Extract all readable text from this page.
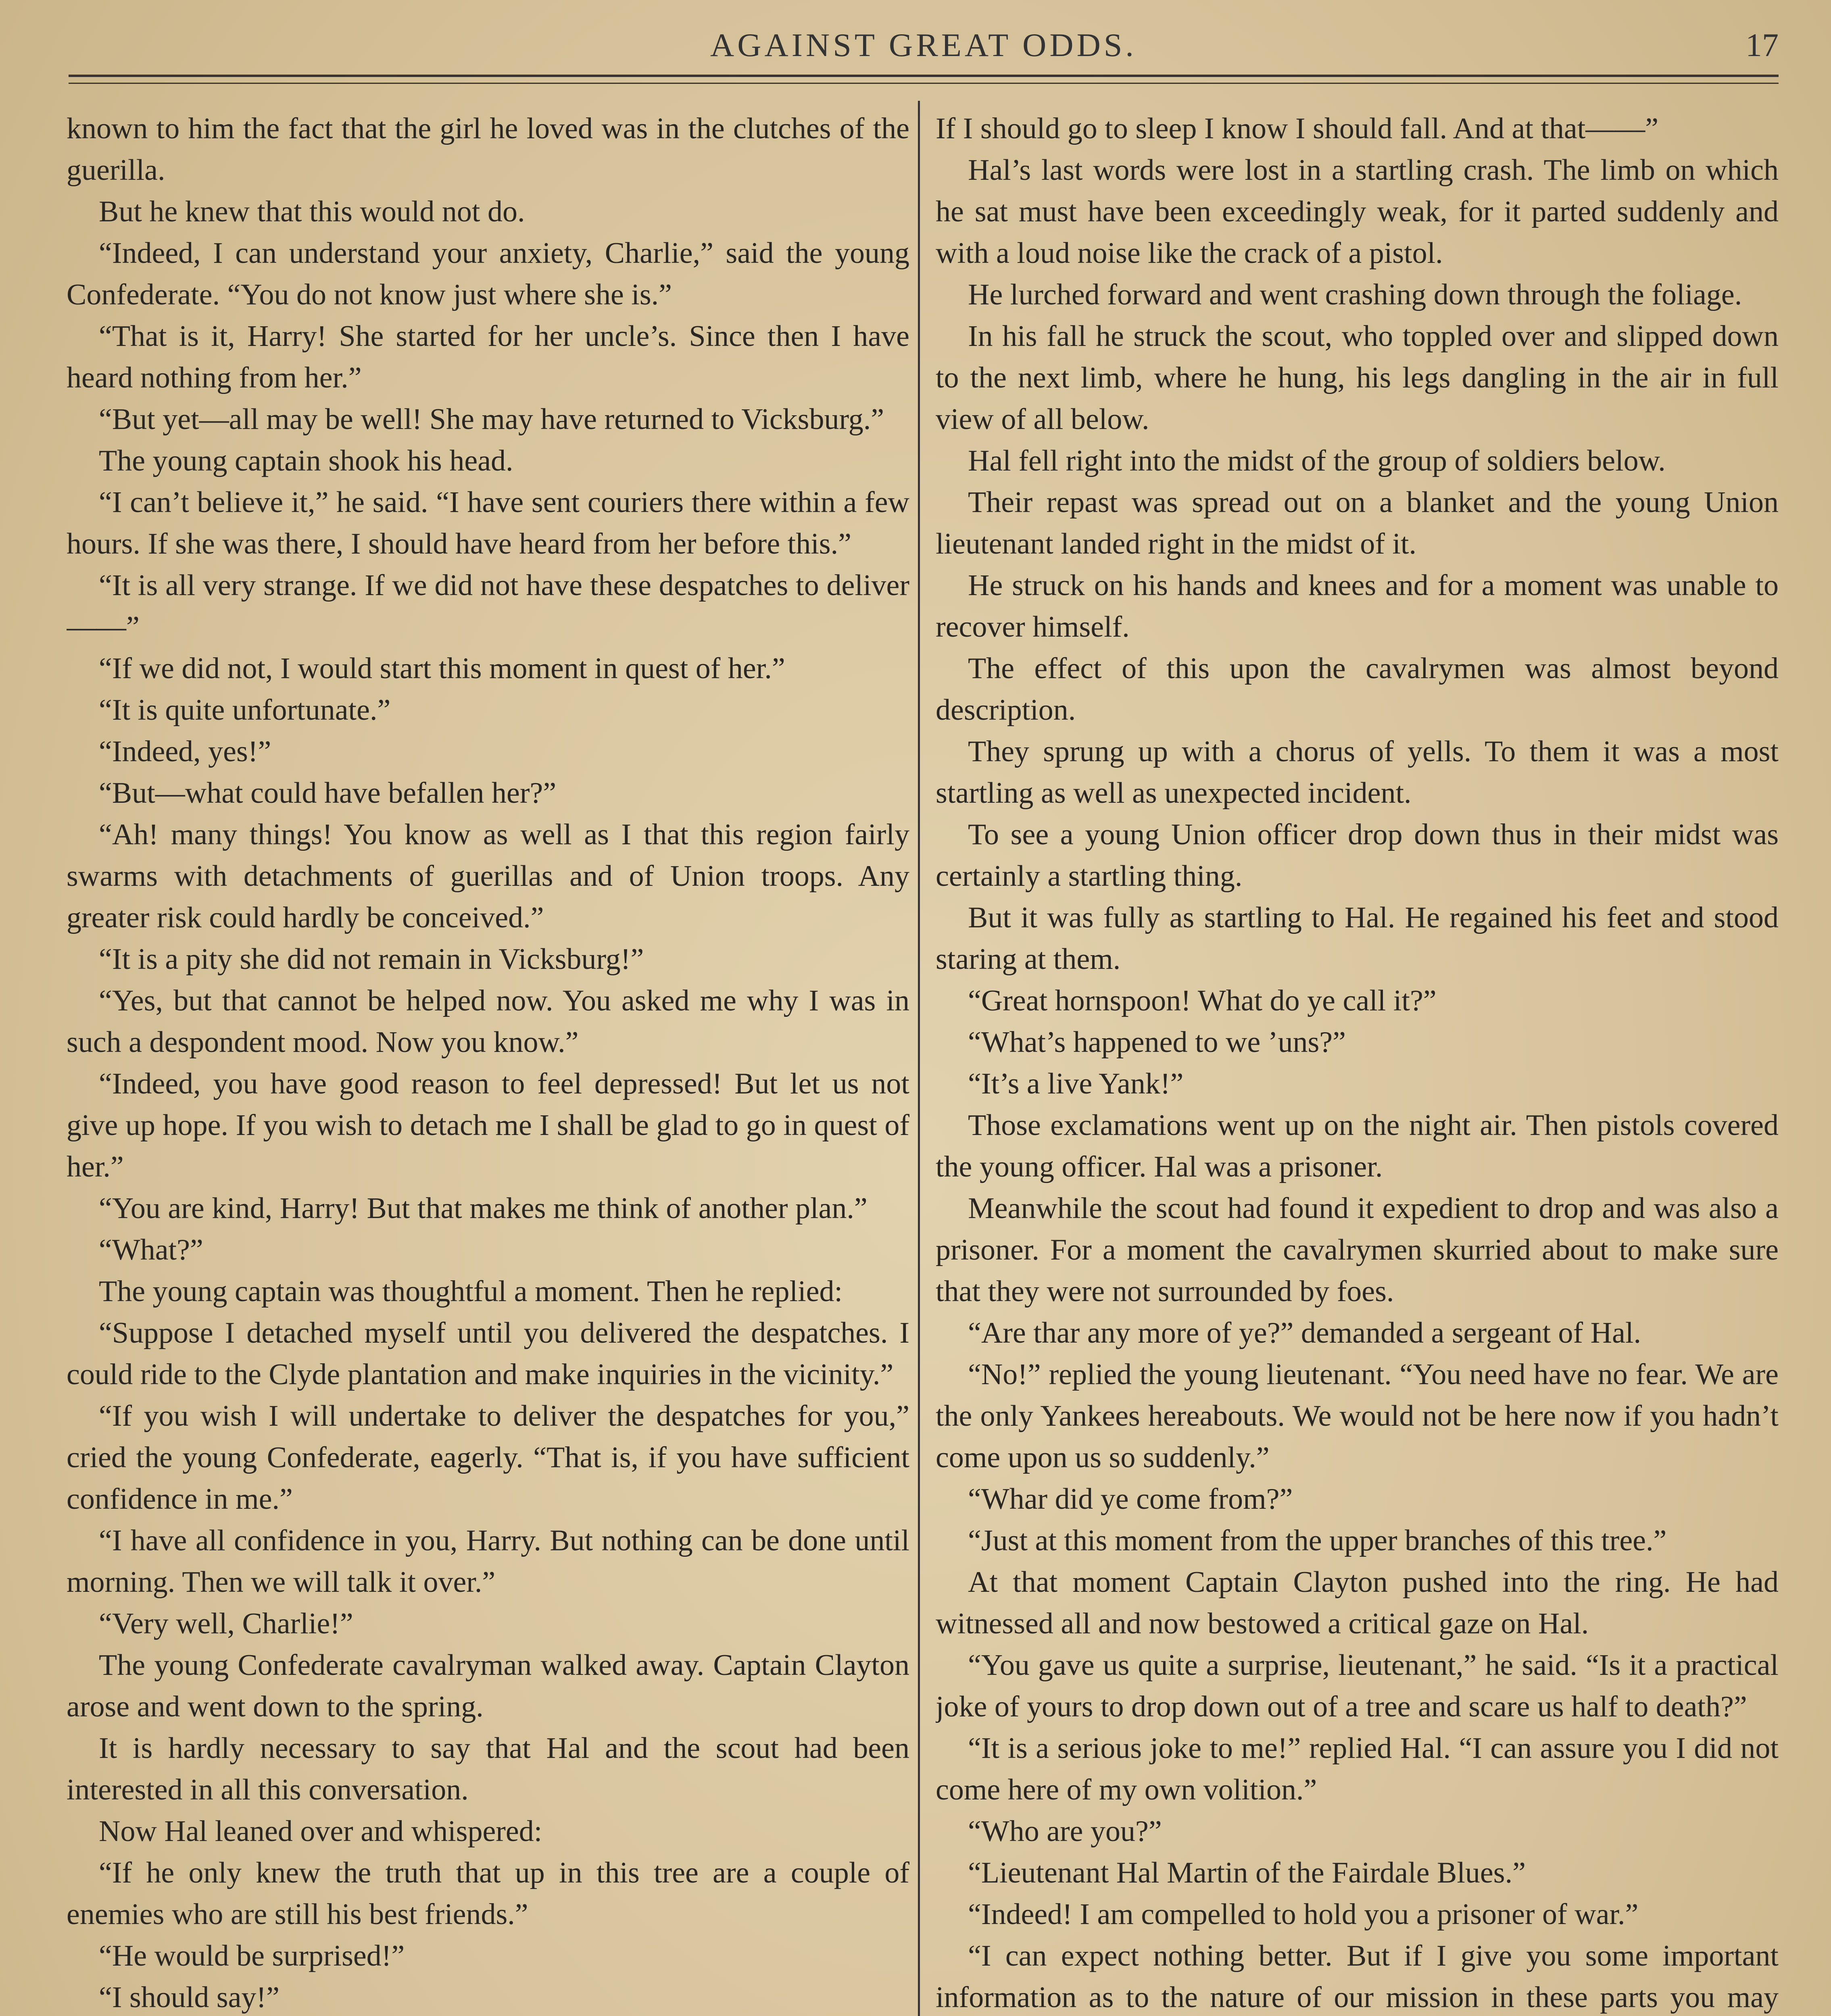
AGAINST GREAT ODDS.	17

known to him the fact that the girl he loved was in the clutches of the guerilla.

But he knew that this would not do.

“Indeed, I can understand your anxiety, Charlie,” said the young Confederate. “You do not know just where she is.”

“That is it, Harry! She started for her uncle’s. Since then I have heard nothing from her.”

“But yet—all may be well! She may have returned to Vicksburg.”

The young captain shook his head.

“I can’t believe it,” he said. “I have sent couriers there within a few hours. If she was there, I should have heard from her before this.”

“It is all very strange. If we did not have these despatches to deliver——”

“If we did not, I would start this moment in quest of her.”

“It is quite unfortunate.”

“Indeed, yes!”

“But—what could have befallen her?”

“Ah! many things! You know as well as I that this region fairly swarms with detachments of guerillas and of Union troops. Any greater risk could hardly be conceived.”

“It is a pity she did not remain in Vicksburg!”

“Yes, but that cannot be helped now. You asked me why I was in such a despondent mood. Now you know.”

“Indeed, you have good reason to feel depressed! But let us not give up hope. If you wish to detach me I shall be glad to go in quest of her.”

“You are kind, Harry! But that makes me think of another plan.”

“What?”

The young captain was thoughtful a moment. Then he replied:

“Suppose I detached myself until you delivered the despatches. I could ride to the Clyde plantation and make inquiries in the vicinity.”

“If you wish I will undertake to deliver the despatches for you,” cried the young Confederate, eagerly. “That is, if you have sufficient confidence in me.”

“I have all confidence in you, Harry. But nothing can be done until morning. Then we will talk it over.”

“Very well, Charlie!”

The young Confederate cavalryman walked away. Captain Clayton arose and went down to the spring.

It is hardly necessary to say that Hal and the scout had been interested in all this conversation.

Now Hal leaned over and whispered:

“If he only knew the truth that up in this tree are a couple of enemies who are still his best friends.”

“He would be surprised!”

“I should say!”

If I should go to sleep I know I should fall. And at that——”

Hal’s last words were lost in a startling crash. The limb on which he sat must have been exceedingly weak, for it parted suddenly and with a loud noise like the crack of a pistol.

He lurched forward and went crashing down through the foliage.

In his fall he struck the scout, who toppled over and slipped down to the next limb, where he hung, his legs dangling in the air in full view of all below.

Hal fell right into the midst of the group of soldiers below.

Their repast was spread out on a blanket and the young Union lieutenant landed right in the midst of it.

He struck on his hands and knees and for a moment was unable to recover himself.

The effect of this upon the cavalrymen was almost beyond description.

They sprung up with a chorus of yells. To them it was a most startling as well as unexpected incident.

To see a young Union officer drop down thus in their midst was certainly a startling thing.

But it was fully as startling to Hal. He regained his feet and stood staring at them.

“Great hornspoon! What do ye call it?”

“What’s happened to we ’uns?”

“It’s a live Yank!”

Those exclamations went up on the night air. Then pistols covered the young officer. Hal was a prisoner.

Meanwhile the scout had found it expedient to drop and was also a prisoner. For a moment the cavalrymen skurried about to make sure that they were not surrounded by foes.

“Are thar any more of ye?” demanded a sergeant of Hal.

“No!” replied the young lieutenant. “You need have no fear. We are the only Yankees hereabouts. We would not be here now if you hadn’t come upon us so suddenly.”

“Whar did ye come from?”

“Just at this moment from the upper branches of this tree.”

At that moment Captain Clayton pushed into the ring. He had witnessed all and now bestowed a critical gaze on Hal.

“You gave us quite a surprise, lieutenant,” he said. “Is it a practical joke of yours to drop down out of a tree and scare us half to death?”

“It is a serious joke to me!” replied Hal. “I can assure you I did not come here of my own volition.”

“Who are you?”

“Lieutenant Hal Martin of the Fairdale Blues.”

“Indeed! I am compelled to hold you a prisoner of war.”

“I can expect nothing better. But if I give you some important information as to the nature of our mission in these parts you may
